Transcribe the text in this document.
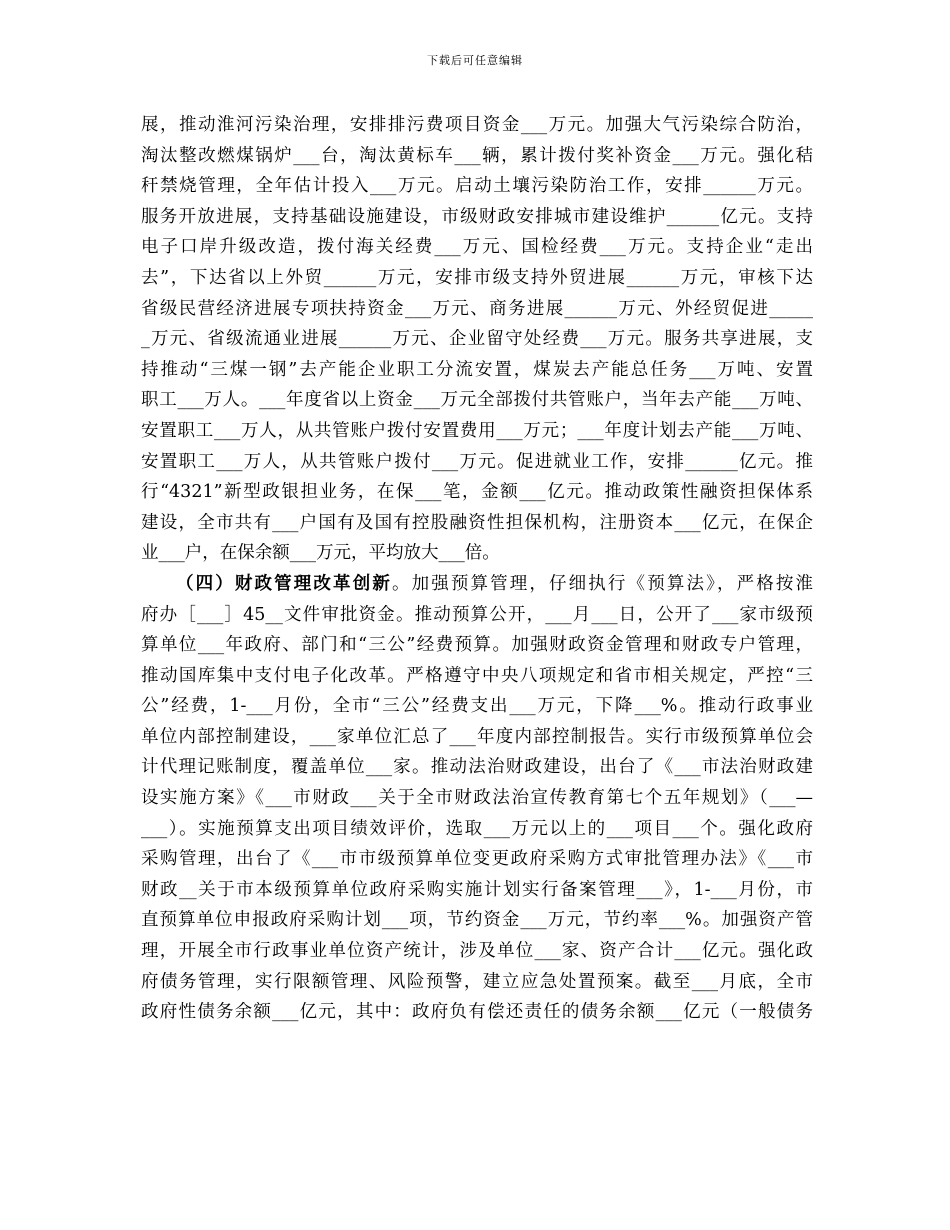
下载后可任意编辑
展，推动淮河污染治理，安排排污费项目资金___万元。加强大气污染综合防治，
淘汰整改燃煤锅炉___台，淘汰黄标车___辆，累计拨付奖补资金___万元。强化秸
秆禁烧管理，全年估计投入___万元。启动土壤污染防治工作，安排______万元。
服务开放进展，支持基础设施建设，市级财政安排城市建设维护______亿元。支持
电子口岸升级改造，拨付海关经费___万元、国检经费___万元。支持企业“走出
去”，下达省以上外贸______万元，安排市级支持外贸进展______万元，审核下达
省级民营经济进展专项扶持资金___万元、商务进展______万元、外经贸促进_____
_万元、省级流通业进展______万元、企业留守处经费___万元。服务共享进展，支
持推动“三煤一钢”去产能企业职工分流安置，煤炭去产能总任务___万吨、安置
职工___万人。___年度省以上资金___万元全部拨付共管账户，当年去产能___万吨、
安置职工___万人，从共管账户拨付安置费用___万元；___年度计划去产能___万吨、
安置职工___万人，从共管账户拨付___万元。促进就业工作，安排______亿元。推
行“4321”新型政银担业务，在保___笔，金额___亿元。推动政策性融资担保体系
建设，全市共有___户国有及国有控股融资性担保机构，注册资本___亿元，在保企
业___户，在保余额___万元，平均放大___倍。
（四）财政管理改革创新。加强预算管理，仔细执行《预算法》，严格按淮
府办［___］45__文件审批资金。推动预算公开，___月___日，公开了___家市级预
算单位___年政府、部门和“三公”经费预算。加强财政资金管理和财政专户管理，
推动国库集中支付电子化改革。严格遵守中央八项规定和省市相关规定，严控“三
公”经费，1-___月份，全市“三公”经费支出___万元，下降___%。推动行政事业
单位内部控制建设，___家单位汇总了___年度内部控制报告。实行市级预算单位会
计代理记账制度，覆盖单位___家。推动法治财政建设，出台了《___市法治财政建
设实施方案》《___市财政___关于全市财政法治宣传教育第七个五年规划》（___—
___）。实施预算支出项目绩效评价，选取___万元以上的___项目___个。强化政府
采购管理，出台了《___市市级预算单位变更政府采购方式审批管理办法》《___市
财政__关于市本级预算单位政府采购实施计划实行备案管理___》，1-___月份，市
直预算单位申报政府采购计划___项，节约资金___万元，节约率___%。加强资产管
理，开展全市行政事业单位资产统计，涉及单位___家、资产合计___亿元。强化政
府债务管理，实行限额管理、风险预警，建立应急处置预案。截至___月底，全市
政府性债务余额___亿元，其中：政府负有偿还责任的债务余额___亿元（一般债务
